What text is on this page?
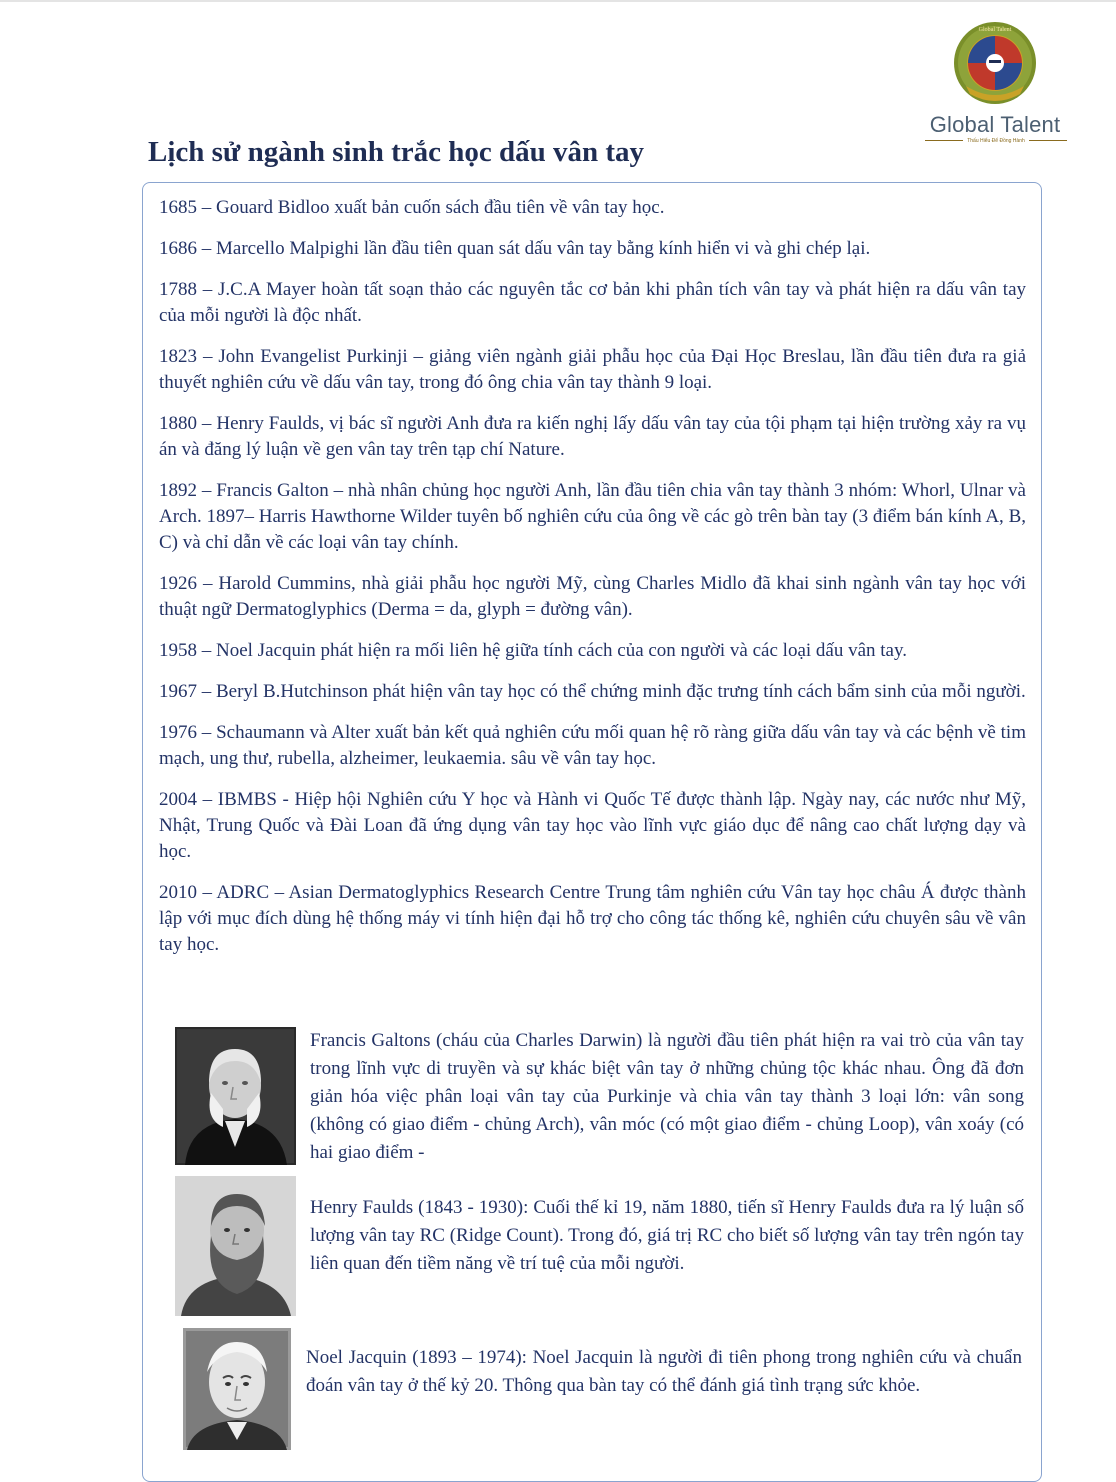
Global Talent
Global Talent
Thấu Hiểu Để Đồng Hành
Lịch sử ngành sinh trắc học dấu vân tay
1685 – Gouard Bidloo xuất bản cuốn sách đầu tiên về vân tay học.
1686 – Marcello Malpighi lần đầu tiên quan sát dấu vân tay bằng kính hiển vi và ghi chép lại.
1788 – J.C.A Mayer hoàn tất soạn thảo các nguyên tắc cơ bản khi phân tích vân tay và phát hiện ra dấu vân tay của mỗi người là độc nhất.
1823 – John Evangelist Purkinji – giảng viên ngành giải phẫu học của Đại Học Breslau, lần đầu tiên đưa ra giả thuyết nghiên cứu về dấu vân tay, trong đó ông chia vân tay thành 9 loại.
1880 – Henry Faulds, vị bác sĩ người Anh đưa ra kiến nghị lấy dấu vân tay của tội phạm tại hiện trường xảy ra vụ án và đăng lý luận về gen vân tay trên tạp chí Nature.
1892 – Francis Galton – nhà nhân chủng học người Anh, lần đầu tiên chia vân tay thành 3 nhóm: Whorl, Ulnar và Arch. 1897– Harris Hawthorne Wilder tuyên bố nghiên cứu của ông về các gò trên bàn tay (3 điểm bán kính A, B, C) và chỉ dẫn về các loại vân tay chính.
1926 – Harold Cummins, nhà giải phẫu học người Mỹ, cùng Charles Midlo đã khai sinh ngành vân tay học với thuật ngữ Dermatoglyphics (Derma = da, glyph = đường vân).
1958 – Noel Jacquin phát hiện ra mối liên hệ giữa tính cách của con người và các loại dấu vân tay.
1967 – Beryl B.Hutchinson phát hiện vân tay học có thể chứng minh đặc trưng tính cách bẩm sinh của mỗi người.
1976 – Schaumann và Alter xuất bản kết quả nghiên cứu mối quan hệ rõ ràng giữa dấu vân tay và các bệnh về tim mạch, ung thư, rubella, alzheimer, leukaemia. sâu về vân tay học.
2004 – IBMBS - Hiệp hội Nghiên cứu Y học và Hành vi Quốc Tế được thành lập. Ngày nay, các nước như Mỹ, Nhật, Trung Quốc và Đài Loan đã ứng dụng vân tay học vào lĩnh vực giáo dục để nâng cao chất lượng dạy và học.
2010 – ADRC – Asian Dermatoglyphics Research Centre Trung tâm nghiên cứu Vân tay học châu Á được thành lập với mục đích dùng hệ thống máy vi tính hiện đại hỗ trợ cho công tác thống kê, nghiên cứu chuyên sâu về vân tay học.
Francis Galtons (cháu của Charles Darwin) là người đầu tiên phát hiện ra vai trò của vân tay trong lĩnh vực di truyền và sự khác biệt vân tay ở những chủng tộc khác nhau. Ông đã đơn giản hóa việc phân loại vân tay của Purkinje và chia vân tay thành 3 loại lớn: vân song (không có giao điểm - chủng Arch), vân móc (có một giao điểm - chủng Loop), vân xoáy (có hai giao điểm -
Henry Faulds (1843 - 1930): Cuối thế kỉ 19, năm 1880, tiến sĩ Henry Faulds đưa ra lý luận số lượng vân tay RC (Ridge Count). Trong đó, giá trị RC cho biết số lượng vân tay trên ngón tay liên quan đến tiềm năng về trí tuệ của mỗi người.
Noel Jacquin (1893 – 1974): Noel Jacquin là người đi tiên phong trong nghiên cứu và chuẩn đoán vân tay ở thế kỷ 20. Thông qua bàn tay có thể đánh giá tình trạng sức khỏe.
